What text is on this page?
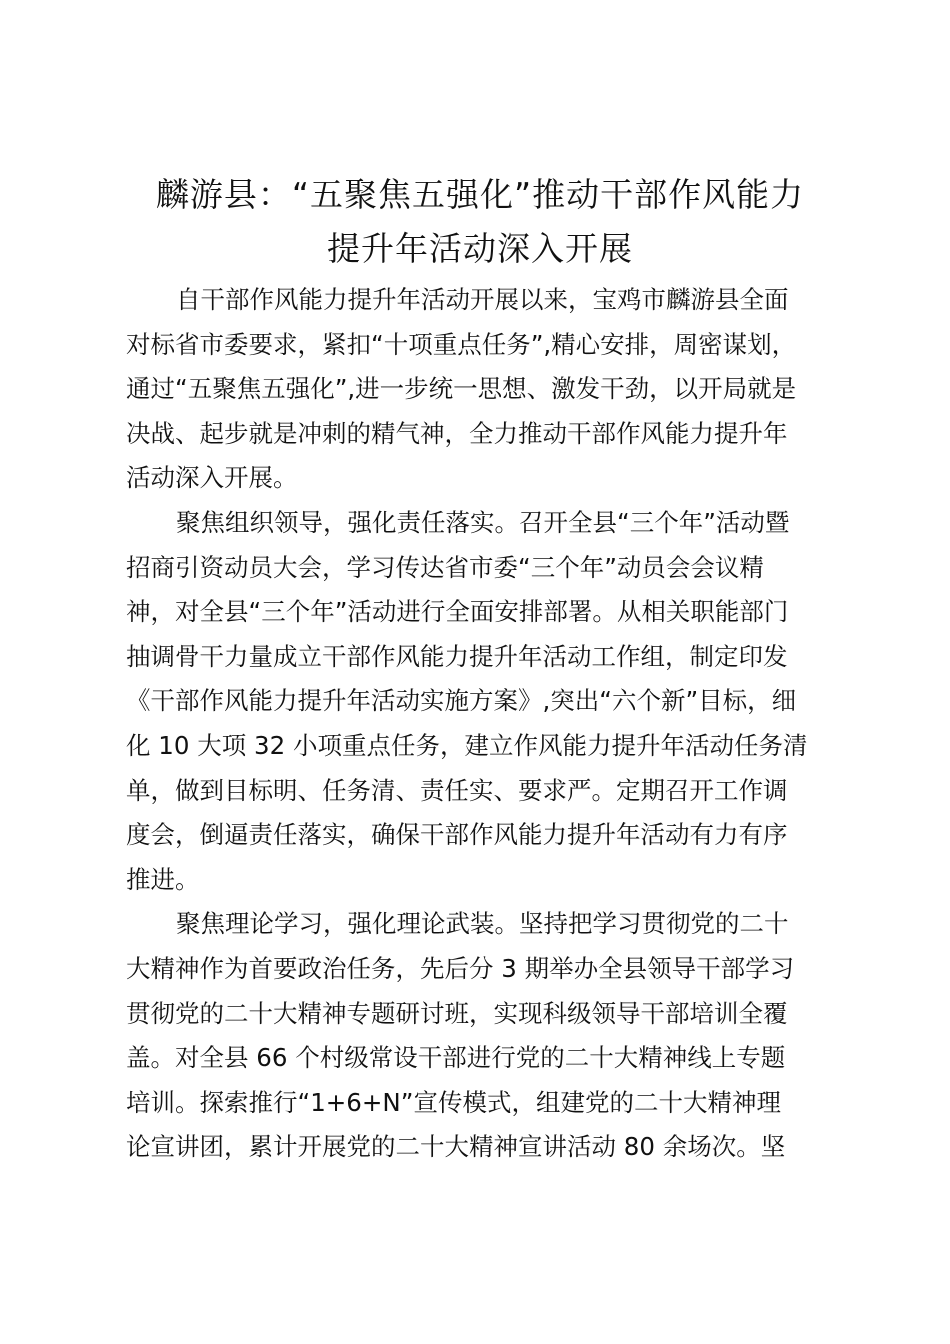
麟游县：“五聚焦五强化”推动干部作风能力
提升年活动深入开展

自干部作风能力提升年活动开展以来，宝鸡市麟游县全面
对标省市委要求，紧扣“十项重点任务”,精心安排，周密谋划，
通过“五聚焦五强化”,进一步统一思想、激发干劲，以开局就是
决战、起步就是冲刺的精气神，全力推动干部作风能力提升年
活动深入开展。

聚焦组织领导，强化责任落实。召开全县“三个年”活动暨
招商引资动员大会，学习传达省市委“三个年”动员会会议精
神，对全县“三个年”活动进行全面安排部署。从相关职能部门
抽调骨干力量成立干部作风能力提升年活动工作组，制定印发
《干部作风能力提升年活动实施方案》,突出“六个新”目标，细
化 10 大项 32 小项重点任务，建立作风能力提升年活动任务清
单，做到目标明、任务清、责任实、要求严。定期召开工作调
度会，倒逼责任落实，确保干部作风能力提升年活动有力有序
推进。

聚焦理论学习，强化理论武装。坚持把学习贯彻党的二十
大精神作为首要政治任务，先后分 3 期举办全县领导干部学习
贯彻党的二十大精神专题研讨班，实现科级领导干部培训全覆
盖。对全县 66 个村级常设干部进行党的二十大精神线上专题
培训。探索推行“1+6+N”宣传模式，组建党的二十大精神理
论宣讲团，累计开展党的二十大精神宣讲活动 80 余场次。坚
